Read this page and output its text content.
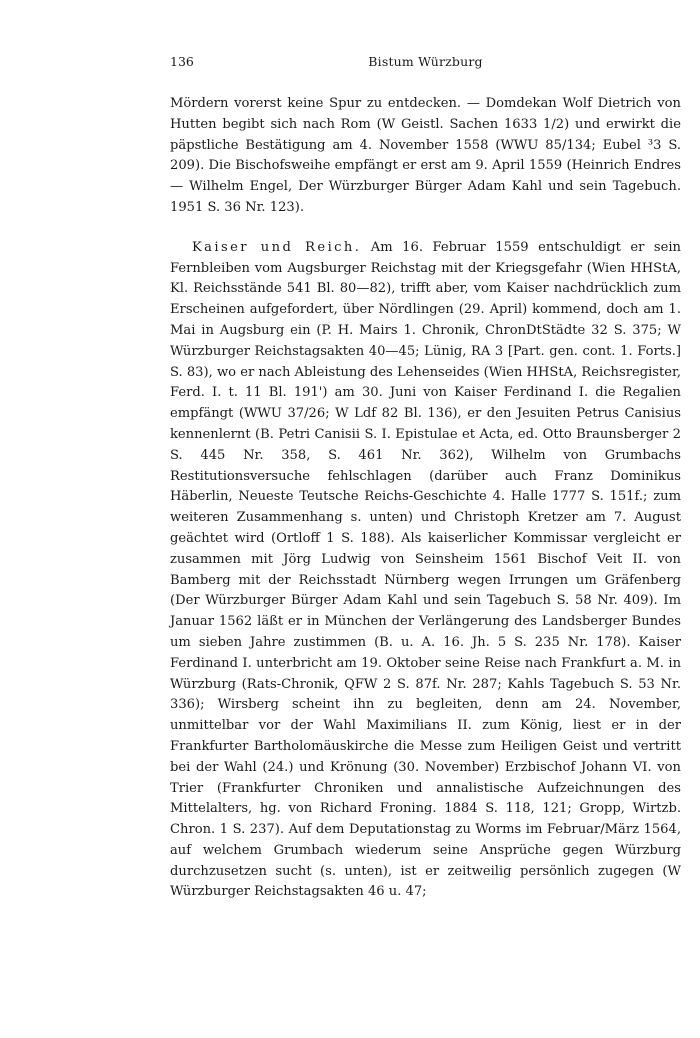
136	Bistum Würzburg

Mördern vorerst keine Spur zu entdecken. — Domdekan Wolf Dietrich von Hutten begibt sich nach Rom (W Geistl. Sachen 1633 1/2) und erwirkt die päpstliche Bestätigung am 4. November 1558 (WWU 85/134; Eubel ³3 S. 209). Die Bischofsweihe empfängt er erst am 9. April 1559 (Heinrich Endres — Wilhelm Engel, Der Würzburger Bürger Adam Kahl und sein Tagebuch. 1951 S. 36 Nr. 123).

Kaiser und Reich. Am 16. Februar 1559 entschuldigt er sein Fernbleiben vom Augsburger Reichstag mit der Kriegsgefahr (Wien HHStA, Kl. Reichsstände 541 Bl. 80—82), trifft aber, vom Kaiser nachdrücklich zum Erscheinen aufgefordert, über Nördlingen (29. April) kommend, doch am 1. Mai in Augsburg ein (P. H. Mairs 1. Chronik, ChronDtStädte 32 S. 375; W Würzburger Reichstagsakten 40—45; Lünig, RA 3 [Part. gen. cont. 1. Forts.] S. 83), wo er nach Ableistung des Lehenseides (Wien HHStA, Reichsregister, Ferd. I. t. 11 Bl. 191') am 30. Juni von Kaiser Ferdinand I. die Regalien empfängt (WWU 37/26; W Ldf 82 Bl. 136), er den Jesuiten Petrus Canisius kennenlernt (B. Petri Canisii S. I. Epistulae et Acta, ed. Otto Braunsberger 2 S. 445 Nr. 358, S. 461 Nr. 362), Wilhelm von Grumbachs Restitutionsversuche fehlschlagen (darüber auch Franz Dominikus Häberlin, Neueste Teutsche Reichs-Geschichte 4. Halle 1777 S. 151f.; zum weiteren Zusammenhang s. unten) und Christoph Kretzer am 7. August geächtet wird (Ortloff 1 S. 188). Als kaiserlicher Kommissar vergleicht er zusammen mit Jörg Ludwig von Seinsheim 1561 Bischof Veit II. von Bamberg mit der Reichsstadt Nürnberg wegen Irrungen um Gräfenberg (Der Würzburger Bürger Adam Kahl und sein Tagebuch S. 58 Nr. 409). Im Januar 1562 läßt er in München der Verlängerung des Landsberger Bundes um sieben Jahre zustimmen (B. u. A. 16. Jh. 5 S. 235 Nr. 178). Kaiser Ferdinand I. unterbricht am 19. Oktober seine Reise nach Frankfurt a. M. in Würzburg (Rats-Chronik, QFW 2 S. 87f. Nr. 287; Kahls Tagebuch S. 53 Nr. 336); Wirsberg scheint ihn zu begleiten, denn am 24. November, unmittelbar vor der Wahl Maximilians II. zum König, liest er in der Frankfurter Bartholomäuskirche die Messe zum Heiligen Geist und vertritt bei der Wahl (24.) und Krönung (30. November) Erzbischof Johann VI. von Trier (Frankfurter Chroniken und annalistische Aufzeichnungen des Mittelalters, hg. von Richard Froning. 1884 S. 118, 121; Gropp, Wirtzb. Chron. 1 S. 237). Auf dem Deputationstag zu Worms im Februar/März 1564, auf welchem Grumbach wiederum seine Ansprüche gegen Würzburg durchzusetzen sucht (s. unten), ist er zeitweilig persönlich zugegen (W Würzburger Reichstagsakten 46 u. 47;
